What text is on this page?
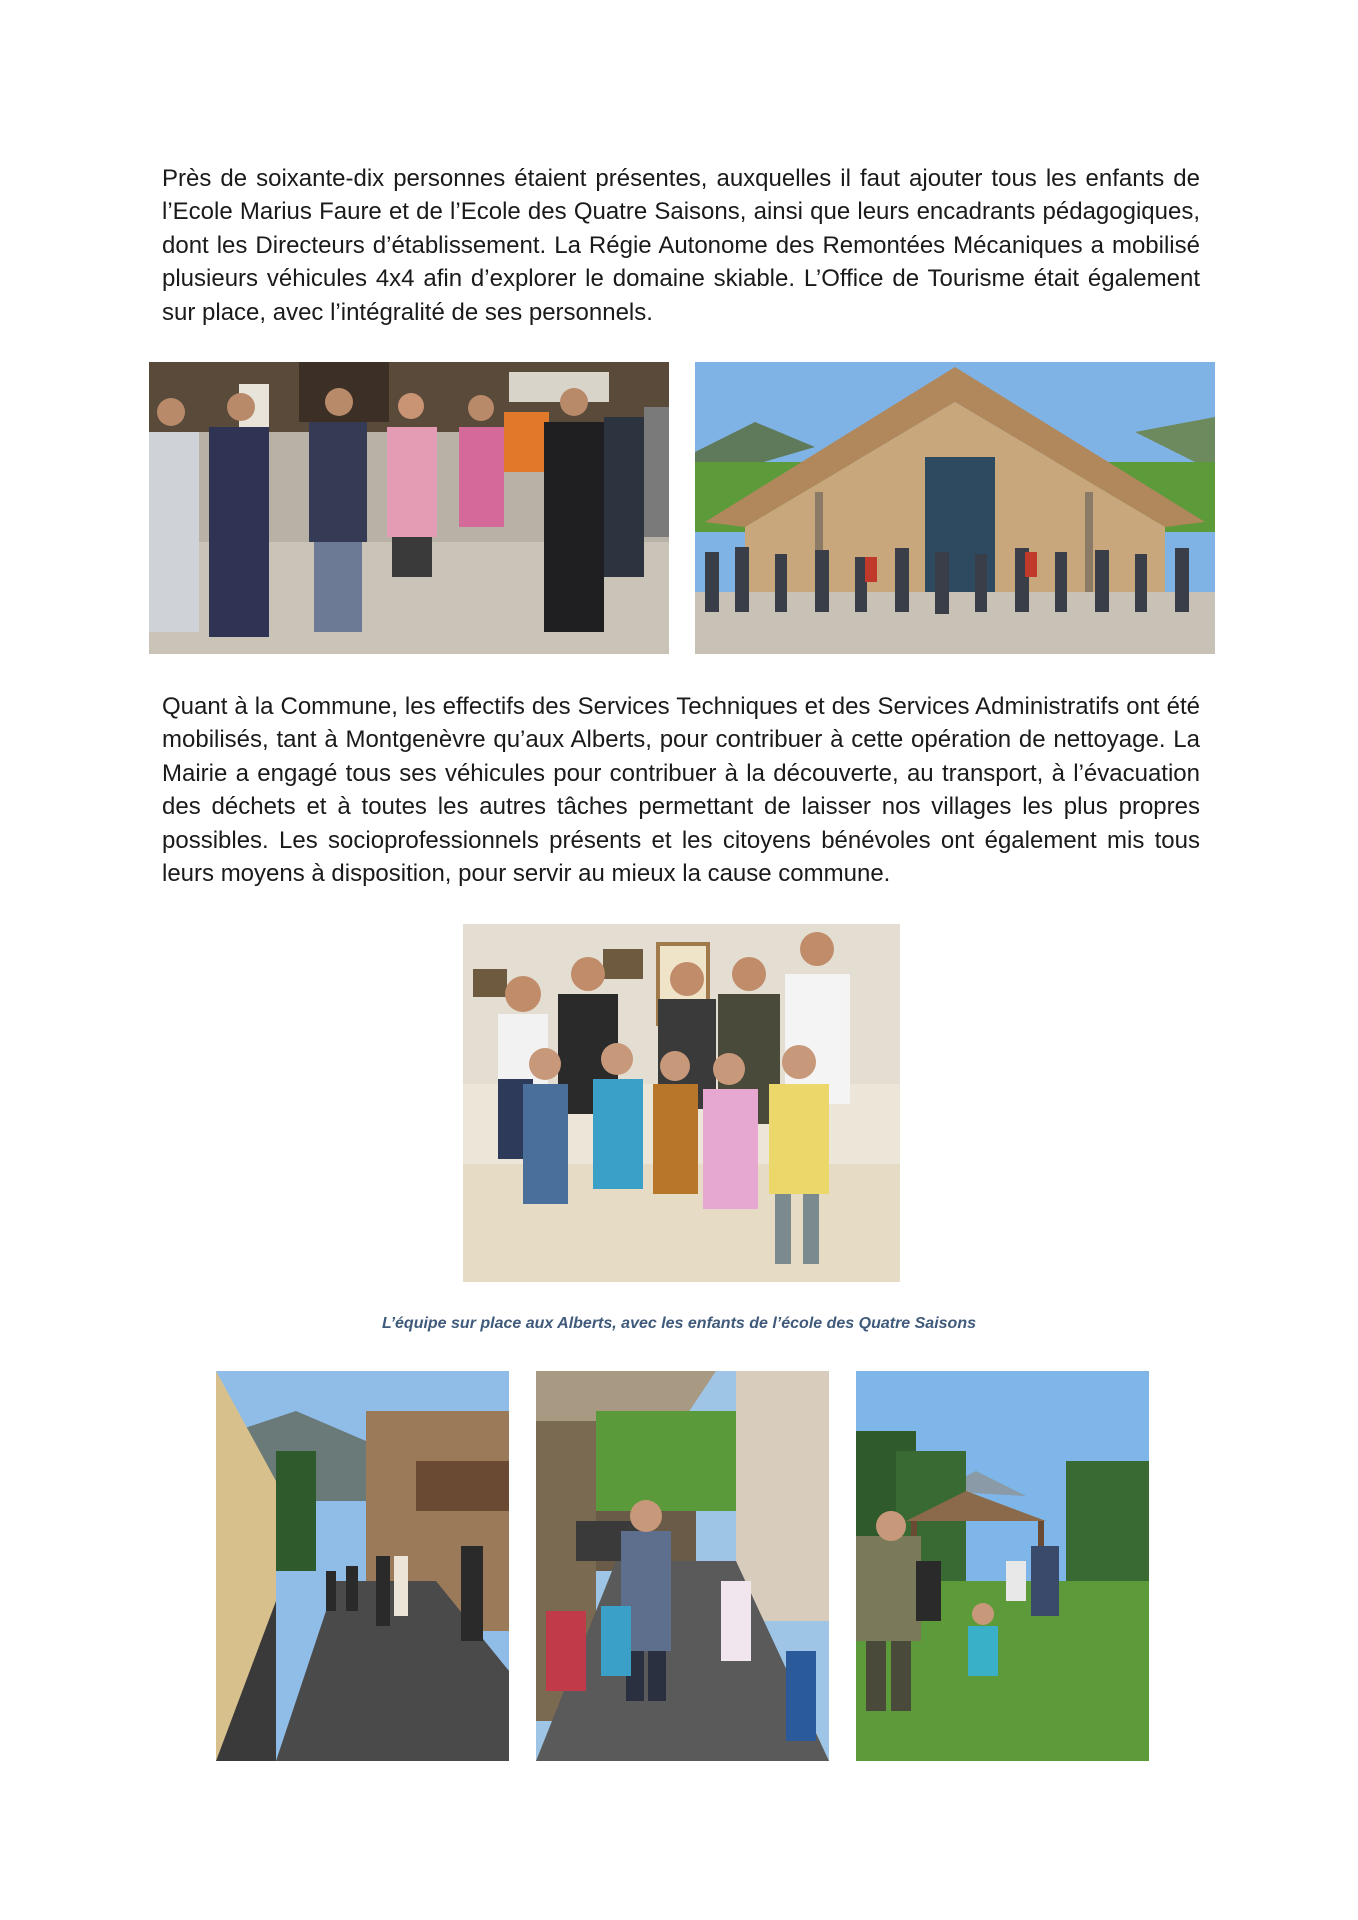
Près de soixante-dix personnes étaient présentes, auxquelles il faut ajouter tous les enfants de l’Ecole Marius Faure et de l’Ecole des Quatre Saisons, ainsi que leurs encadrants pédagogiques, dont les Directeurs d’établissement. La Régie Autonome des Remontées Mécaniques a mobilisé plusieurs véhicules 4x4 afin d’explorer le domaine skiable. L’Office de Tourisme était également sur place, avec l’intégralité de ses personnels.

Quant à la Commune, les effectifs des Services Techniques et des Services Administratifs ont été mobilisés, tant à Montgenèvre qu’aux Alberts, pour contribuer à cette opération de nettoyage. La Mairie a engagé tous ses véhicules pour contribuer à la découverte, au transport, à l’évacuation des déchets et à toutes les autres tâches permettant de laisser nos villages les plus propres possibles. Les socioprofessionnels présents et les citoyens bénévoles ont également mis tous leurs moyens à disposition, pour servir au mieux la cause commune.

L’équipe sur place aux Alberts, avec les enfants de l’école des Quatre Saisons
